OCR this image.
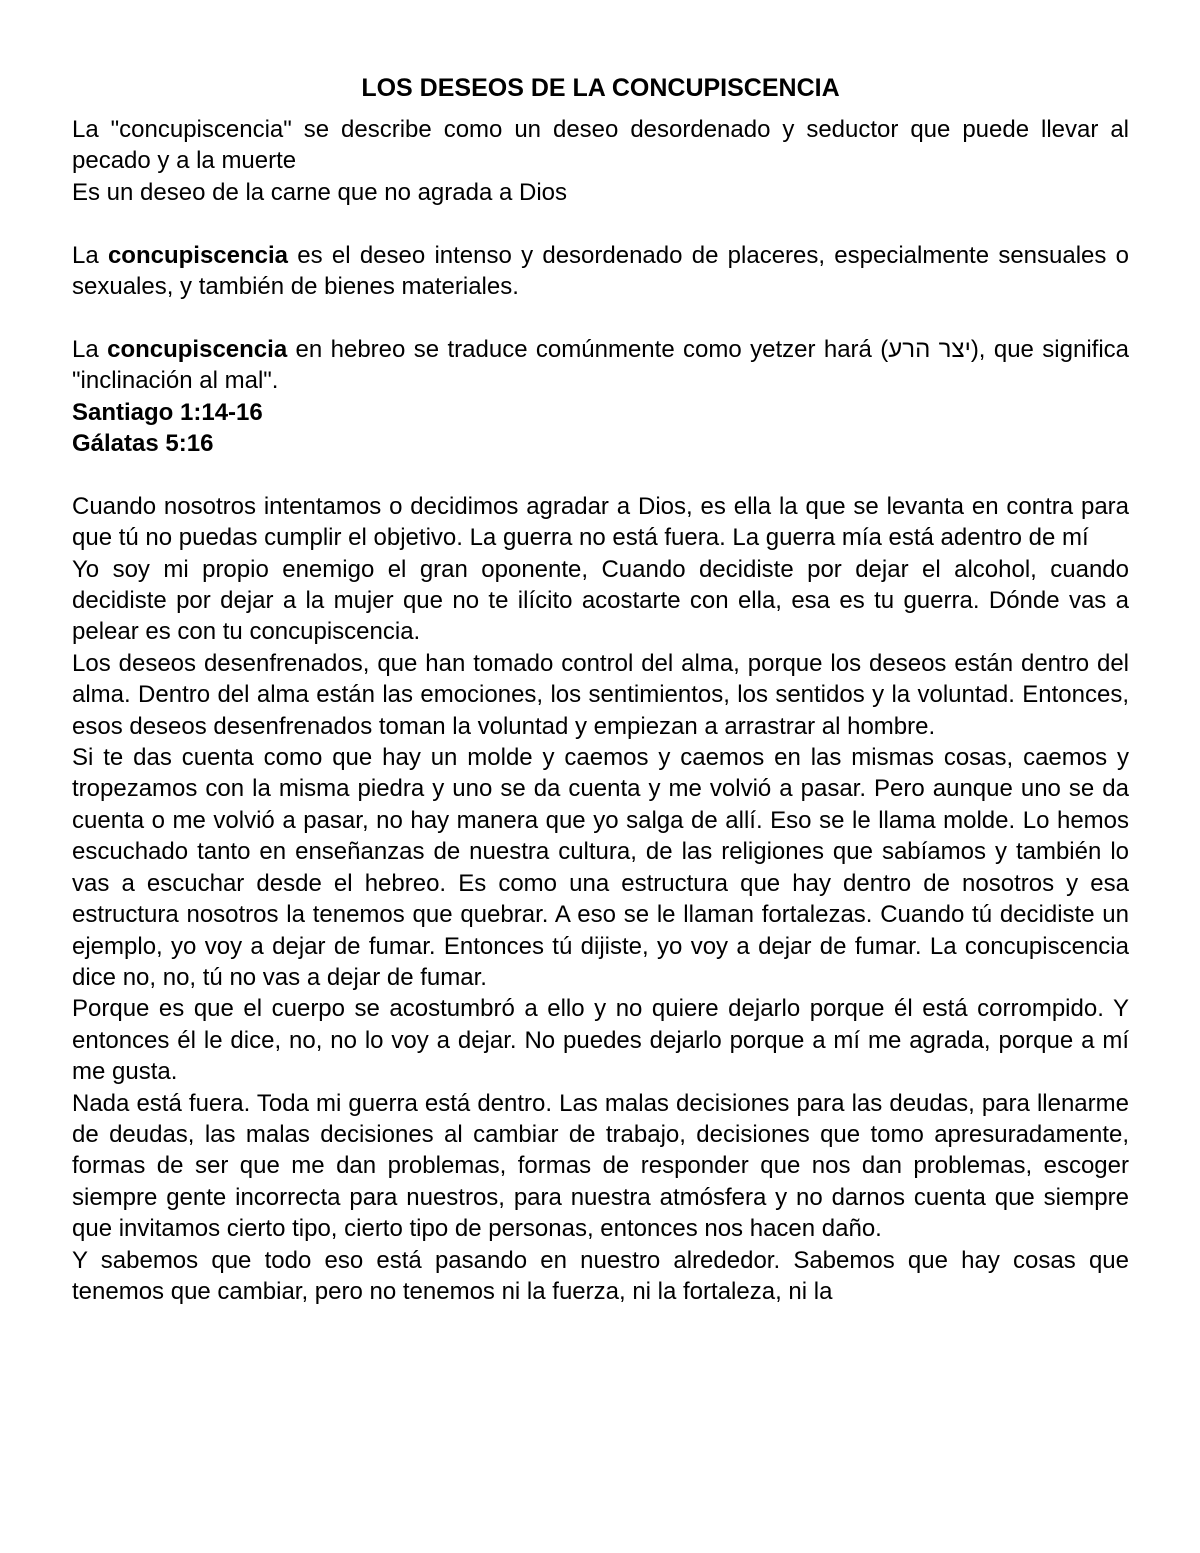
LOS DESEOS DE LA CONCUPISCENCIA

La "concupiscencia" se describe como un deseo desordenado y seductor que puede llevar al pecado y a la muerte

Es un deseo de la carne que no agrada a Dios

La concupiscencia es el deseo intenso y desordenado de placeres, especialmente sensuales o sexuales, y también de bienes materiales.

La concupiscencia en hebreo se traduce comúnmente como yetzer hará (יצר הרע), que significa "inclinación al mal".

Santiago 1:14-16

Gálatas 5:16

Cuando nosotros intentamos o decidimos agradar a Dios, es ella la que se levanta en contra para que tú no puedas cumplir el objetivo. La guerra no está fuera. La guerra mía está adentro de mí

Yo soy mi propio enemigo el gran oponente, Cuando decidiste por dejar el alcohol, cuando decidiste por dejar a la mujer que no te ilícito acostarte con ella, esa es tu guerra. Dónde vas a pelear es con tu concupiscencia.

Los deseos desenfrenados, que han tomado control del alma, porque los deseos están dentro del alma. Dentro del alma están las emociones, los sentimientos, los sentidos y la voluntad. Entonces, esos deseos desenfrenados toman la voluntad y empiezan a arrastrar al hombre.

Si te das cuenta como que hay un molde y caemos y caemos en las mismas cosas, caemos y tropezamos con la misma piedra y uno se da cuenta y me volvió a pasar. Pero aunque uno se da cuenta o me volvió a pasar, no hay manera que yo salga de allí. Eso se le llama molde. Lo hemos escuchado tanto en enseñanzas de nuestra cultura, de las religiones que sabíamos y también lo vas a escuchar desde el hebreo. Es como una estructura que hay dentro de nosotros y esa estructura nosotros la tenemos que quebrar. A eso se le llaman fortalezas. Cuando tú decidiste un ejemplo, yo voy a dejar de fumar. Entonces tú dijiste, yo voy a dejar de fumar. La concupiscencia dice no, no, tú no vas a dejar de fumar.

Porque es que el cuerpo se acostumbró a ello y no quiere dejarlo porque él está corrompido. Y entonces él le dice, no, no lo voy a dejar. No puedes dejarlo porque a mí me agrada, porque a mí me gusta.

Nada está fuera. Toda mi guerra está dentro. Las malas decisiones para las deudas, para llenarme de deudas, las malas decisiones al cambiar de trabajo, decisiones que tomo apresuradamente, formas de ser que me dan problemas, formas de responder que nos dan problemas, escoger siempre gente incorrecta para nuestros, para nuestra atmósfera y no darnos cuenta que siempre que invitamos cierto tipo, cierto tipo de personas, entonces nos hacen daño.

Y sabemos que todo eso está pasando en nuestro alrededor. Sabemos que hay cosas que tenemos que cambiar, pero no tenemos ni la fuerza, ni la fortaleza, ni la
